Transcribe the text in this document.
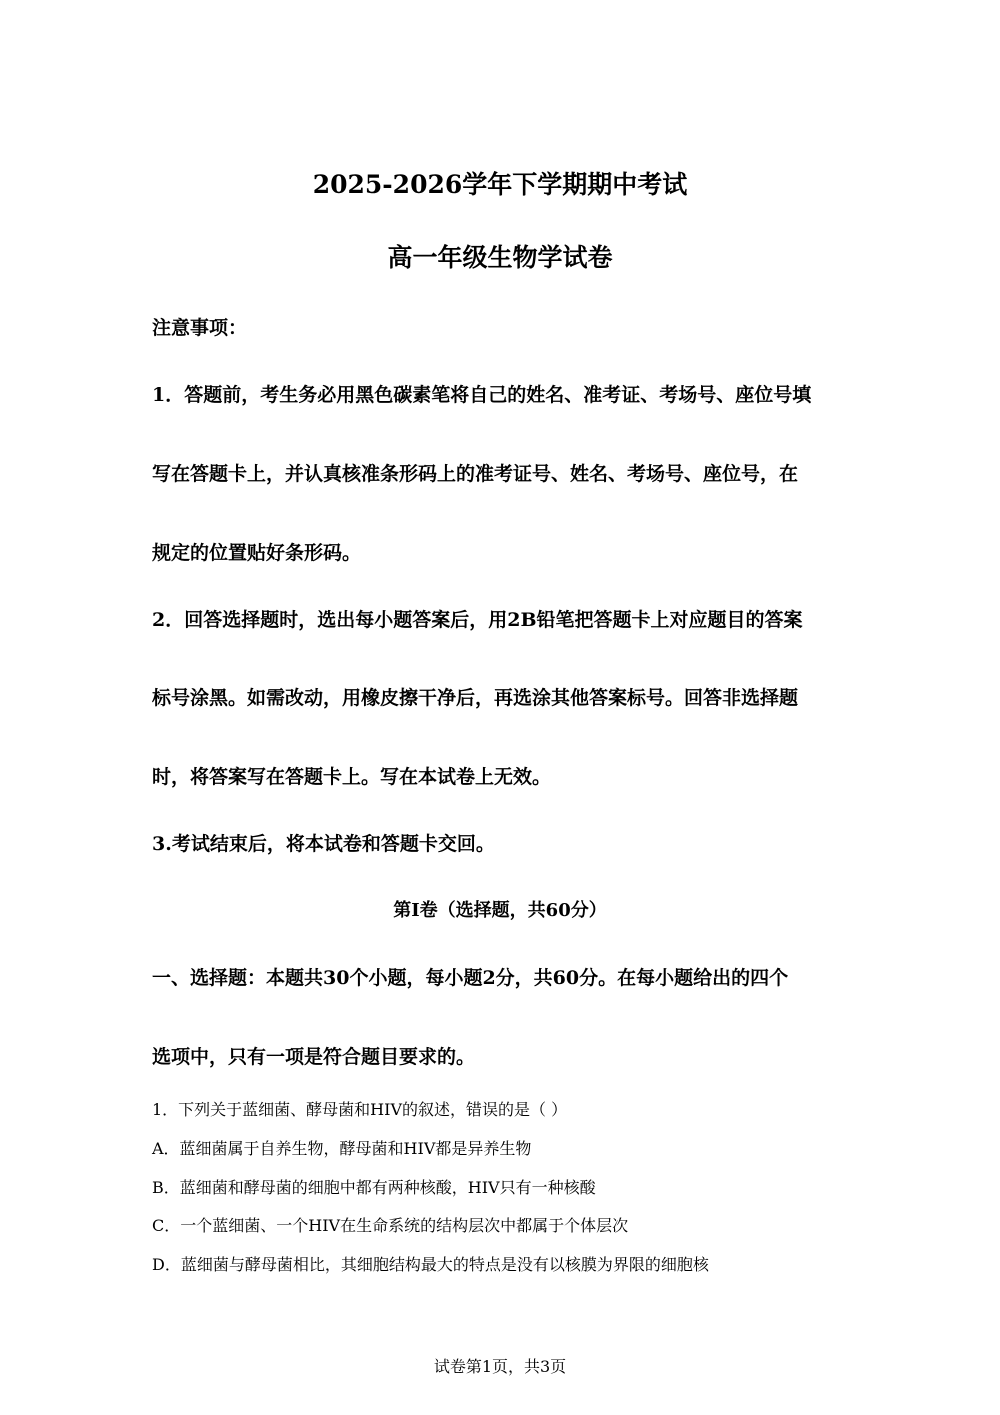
2025-2026学年下学期期中考试
高一年级生物学试卷
注意事项：
1．答题前，考生务必用黑色碳素笔将自己的姓名、准考证、考场号、座位号填
写在答题卡上，并认真核准条形码上的准考证号、姓名、考场号、座位号，在
规定的位置贴好条形码。
2．回答选择题时，选出每小题答案后，用2B铅笔把答题卡上对应题目的答案
标号涂黑。如需改动，用橡皮擦干净后，再选涂其他答案标号。回答非选择题
时，将答案写在答题卡上。写在本试卷上无效。
3.考试结束后，将本试卷和答题卡交回。
第I卷（选择题，共60分）
一、选择题：本题共30个小题，每小题2分，共60分。在每小题给出的四个
选项中，只有一项是符合题目要求的。
1．下列关于蓝细菌、酵母菌和HIV的叙述，错误的是（ ）
A．蓝细菌属于自养生物，酵母菌和HIV都是异养生物
B．蓝细菌和酵母菌的细胞中都有两种核酸，HIV只有一种核酸
C．一个蓝细菌、一个HIV在生命系统的结构层次中都属于个体层次
D．蓝细菌与酵母菌相比，其细胞结构最大的特点是没有以核膜为界限的细胞核
试卷第1页，共3页
